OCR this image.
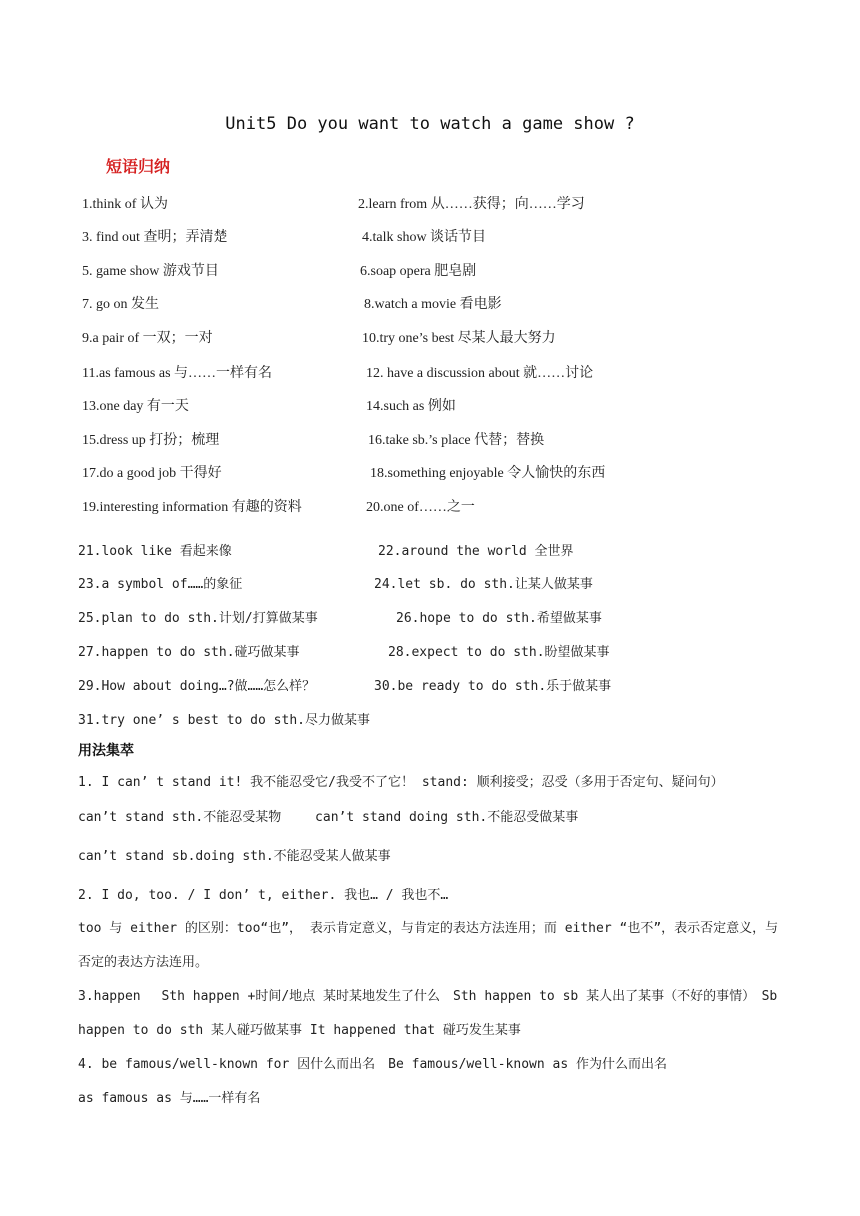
Unit5 Do you want to watch a game show ?
短语归纳
1.think of 认为	2.learn from 从……获得；向……学习
3. find out 查明；弄清楚	4.talk show 谈话节目
5. game show 游戏节目	6.soap opera 肥皂剧
7. go on 发生	8.watch a movie 看电影
9.a pair of 一双；一对	10.try one’s best 尽某人最大努力
11.as famous as 与……一样有名	12. have a discussion about 就……讨论
13.one day 有一天	14.such as 例如
15.dress up 打扮；梳理	16.take sb.’s place 代替；替换
17.do a good job 干得好	18.something enjoyable 令人愉快的东西
19.interesting information 有趣的资料	20.one of……之一
21.look like 看起来像	22.around the world 全世界
23.a symbol of……的象征	24.let sb. do sth.让某人做某事
25.plan to do sth.计划/打算做某事	26.hope to do sth.希望做某事
27.happen to do sth.碰巧做某事	28.expect to do sth.盼望做某事
29.How about doing…?做……怎么样？	30.be ready to do sth.乐于做某事
31.try one’ s best to do sth.尽力做某事
用法集萃
1. I can’ t stand it! 我不能忍受它/我受不了它！ stand: 顺利接受；忍受（多用于否定句、疑问句）
can’t stand sth.不能忍受某物　　 can’t stand doing sth.不能忍受做某事
can’t stand sb.doing sth.不能忍受某人做某事
2. I do, too. / I don’ t, either. 我也… / 我也不…
too 与 either 的区别：too“也”， 表示肯定意义，与肯定的表达方法连用；而 either “也不”，表示否定意义，与否定的表达方法连用。
3.happen　 Sth happen +时间/地点 某时某地发生了什么　Sth happen to sb 某人出了某事（不好的事情）　Sb happen to do sth 某人碰巧做某事 It happened that 碰巧发生某事
4. be famous/well-known for 因什么而出名　Be famous/well-known as 作为什么而出名
as famous as 与……一样有名
